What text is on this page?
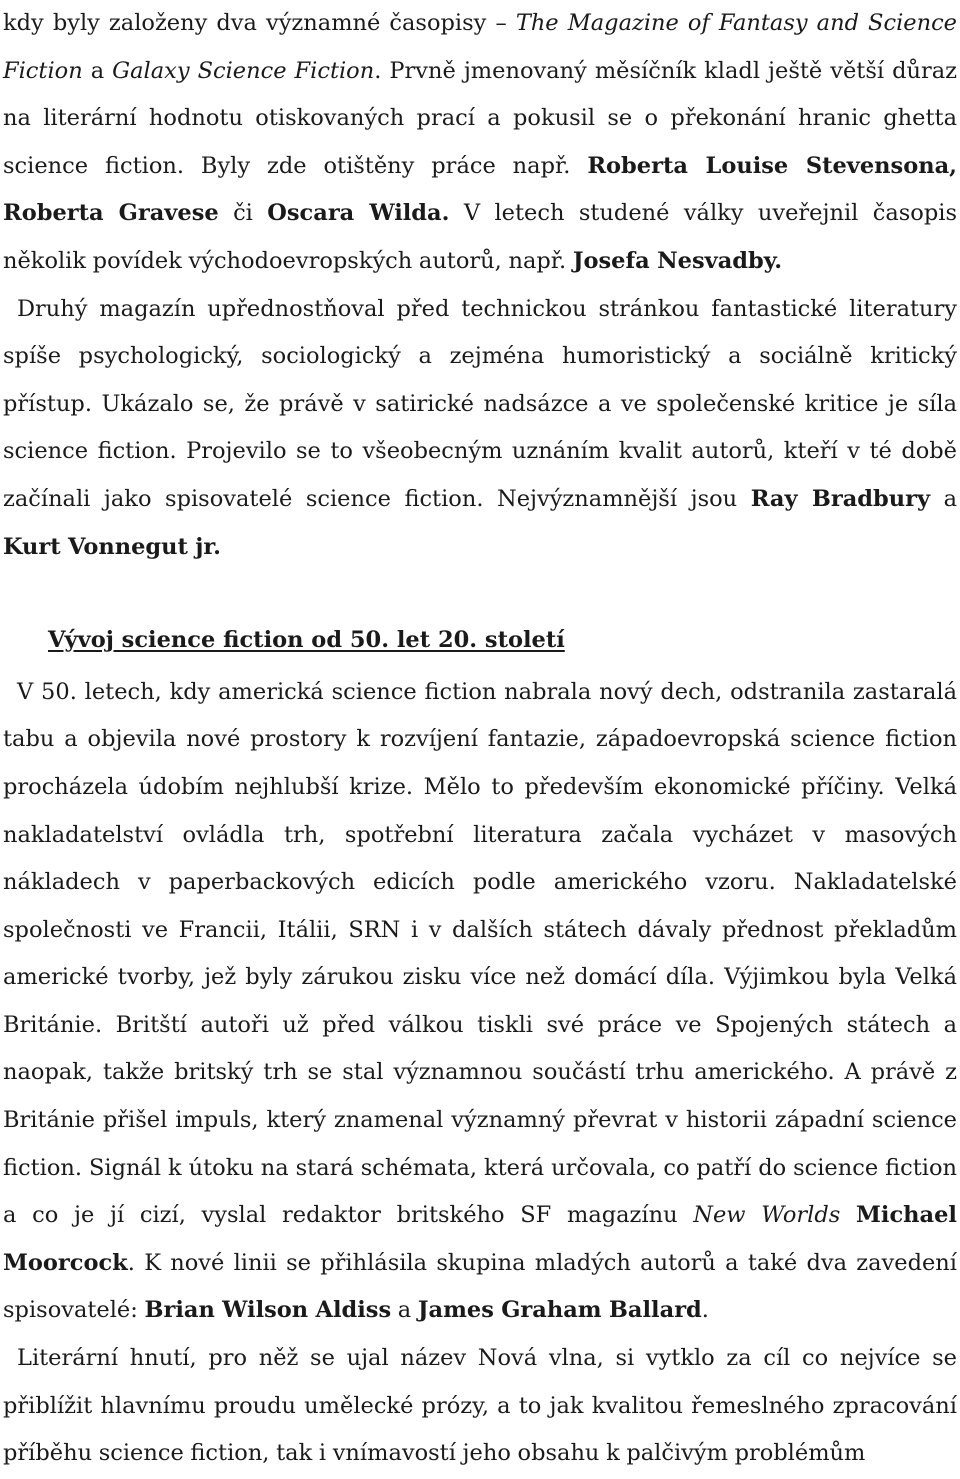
kdy byly založeny dva významné časopisy – The Magazine of Fantasy and Science Fiction a Galaxy Science Fiction. Prvně jmenovaný měsíčník kladl ještě větší důraz na literární hodnotu otiskovaných prací a pokusil se o překonání hranic ghetta science fiction. Byly zde otištěny práce např. Roberta Louise Stevensona, Roberta Gravese či Oscara Wilda. V letech studené války uveřejnil časopis několik povídek východoevropských autorů, např. Josefa Nesvadby.

Druhý magazín upřednostňoval před technickou stránkou fantastické literatury spíše psychologický, sociologický a zejména humoristický a sociálně kritický přístup. Ukázalo se, že právě v satirické nadsázce a ve společenské kritice je síla science fiction. Projevilo se to všeobecným uznáním kvalit autorů, kteří v té době začínali jako spisovatelé science fiction. Nejvýznamnější jsou Ray Bradbury a Kurt Vonnegut jr.

Vývoj science fiction od 50. let 20. století

V 50. letech, kdy americká science fiction nabrala nový dech, odstranila zastaralá tabu a objevila nové prostory k rozvíjení fantazie, západoevropská science fiction procházela údobím nejhlubší krize. Mělo to především ekonomické příčiny. Velká nakladatelství ovládla trh, spotřební literatura začala vycházet v masových nákladech v paperbackových edicích podle amerického vzoru. Nakladatelské společnosti ve Francii, Itálii, SRN i v dalších státech dávaly přednost překladům americké tvorby, jež byly zárukou zisku více než domácí díla. Výjimkou byla Velká Británie. Britští autoři už před válkou tiskli své práce ve Spojených státech a naopak, takže britský trh se stal významnou součástí trhu amerického. A právě z Británie přišel impuls, který znamenal významný převrat v historii západní science fiction. Signál k útoku na stará schémata, která určovala, co patří do science fiction a co je jí cizí, vyslal redaktor britského SF magazínu New Worlds Michael Moorcock. K nové linii se přihlásila skupina mladých autorů a také dva zavedení spisovatelé: Brian Wilson Aldiss a James Graham Ballard.

Literární hnutí, pro něž se ujal název Nová vlna, si vytklo za cíl co nejvíce se přiblížit hlavnímu proudu umělecké prózy, a to jak kvalitou řemeslného zpracování příběhu science fiction, tak i vnímavostí jeho obsahu k palčivým problémům
